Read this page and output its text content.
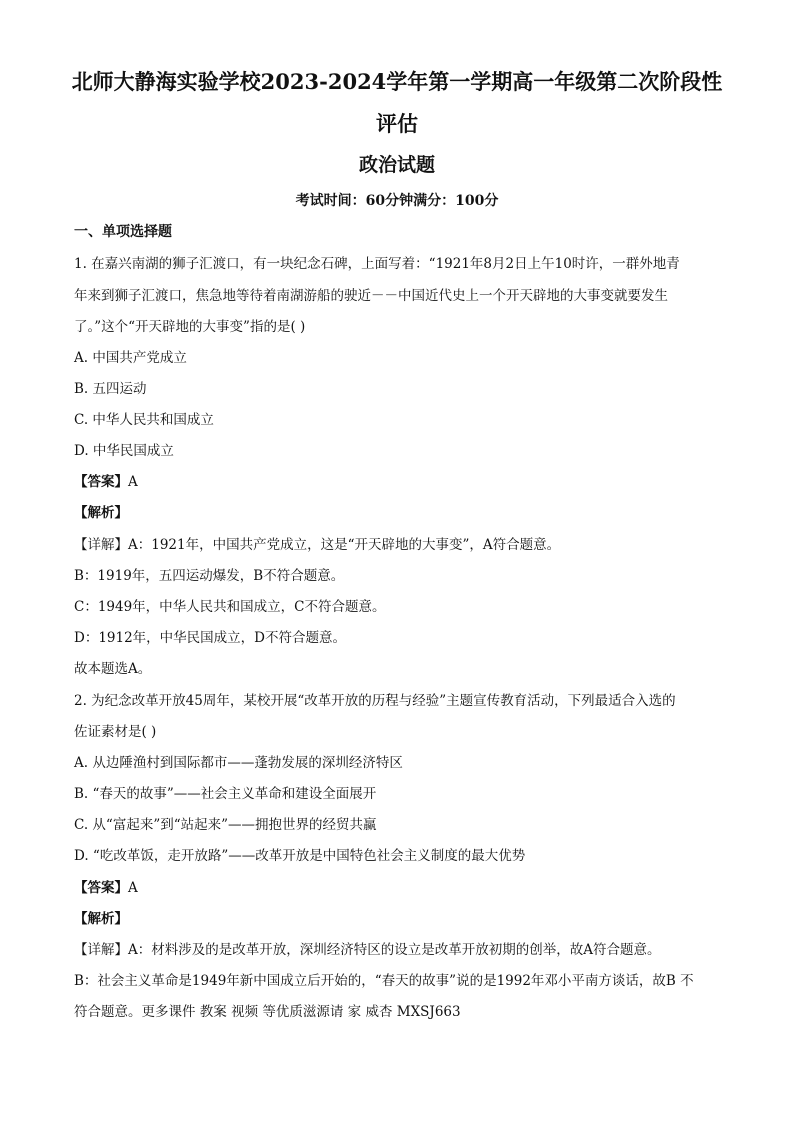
北师大静海实验学校2023-2024学年第一学期高一年级第二次阶段性
评估
政治试题
考试时间：60分钟满分：100分
一、单项选择题
1. 在嘉兴南湖的狮子汇渡口，有一块纪念石碑，上面写着：“1921年8月2日上午10时许，一群外地青
年来到狮子汇渡口，焦急地等待着南湖游船的驶近－－中国近代史上一个开天辟地的大事变就要发生
了。”这个“开天辟地的大事变”指的是( )
A. 中国共产党成立
B. 五四运动
C. 中华人民共和国成立
D. 中华民国成立
【答案】A
【解析】
【详解】A：1921年，中国共产党成立，这是“开天辟地的大事变”，A符合题意。
B：1919年，五四运动爆发，B不符合题意。
C：1949年，中华人民共和国成立，C不符合题意。
D：1912年，中华民国成立，D不符合题意。
故本题选A。
2. 为纪念改革开放45周年，某校开展“改革开放的历程与经验”主题宣传教育活动，下列最适合入选的
佐证素材是( )
A. 从边陲渔村到国际都市——蓬勃发展的深圳经济特区
B. “春天的故事”——社会主义革命和建设全面展开
C. 从“富起来”到“站起来”——拥抱世界的经贸共赢
D. “吃改革饭，走开放路”——改革开放是中国特色社会主义制度的最大优势
【答案】A
【解析】
【详解】A：材料涉及的是改革开放，深圳经济特区的设立是改革开放初期的创举，故A符合题意。
B：社会主义革命是1949年新中国成立后开始的，“春天的故事”说的是1992年邓小平南方谈话，故B 不
符合题意。更多课件 教案 视频 等优质滋源请 家 威杏 MXSJ663
